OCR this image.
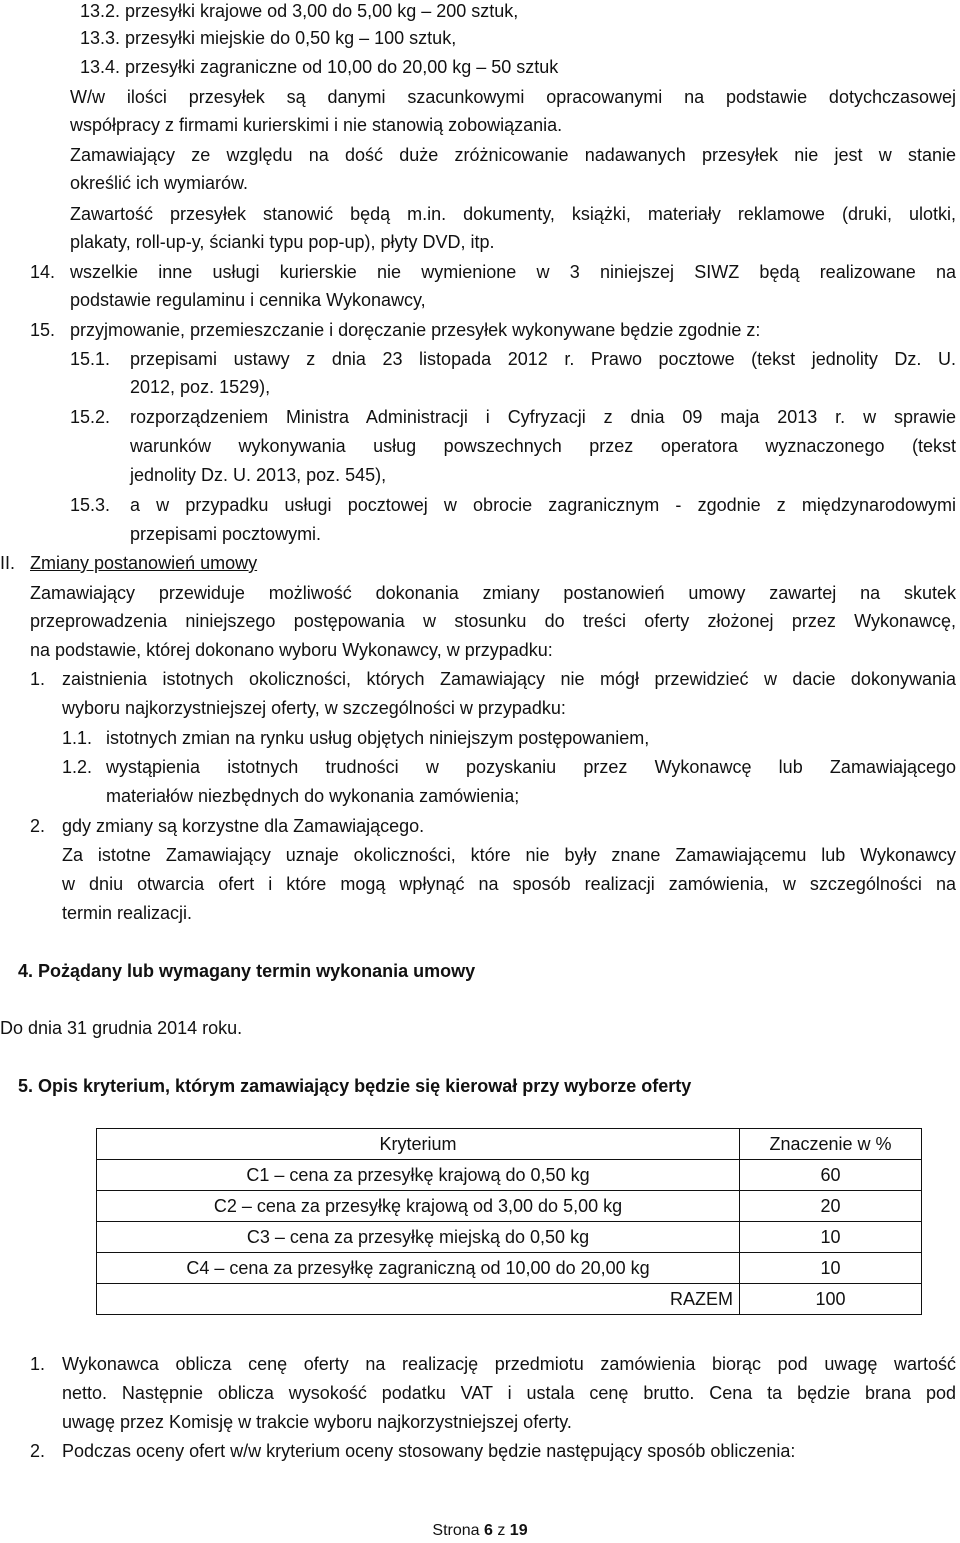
13.2. przesyłki krajowe od 3,00 do 5,00 kg – 200 sztuk,
13.3. przesyłki miejskie do 0,50 kg – 100 sztuk,
13.4. przesyłki zagraniczne od 10,00 do 20,00 kg – 50 sztuk
W/w ilości przesyłek są danymi szacunkowymi opracowanymi na podstawie dotychczasowej
współpracy z firmami kurierskimi i nie stanowią zobowiązania.
Zamawiający ze względu na dość duże zróżnicowanie nadawanych przesyłek nie jest w stanie
określić ich wymiarów.
Zawartość przesyłek stanowić będą m.in. dokumenty, książki, materiały reklamowe (druki, ulotki,
plakaty, roll-up-y, ścianki typu pop-up), płyty DVD, itp.
14. wszelkie inne usługi kurierskie nie wymienione w 3 niniejszej SIWZ będą realizowane na
podstawie regulaminu i cennika Wykonawcy,
15. przyjmowanie, przemieszczanie i doręczanie przesyłek wykonywane będzie zgodnie z:
15.1. przepisami ustawy z dnia 23 listopada 2012 r. Prawo pocztowe (tekst jednolity Dz. U.
2012, poz. 1529),
15.2. rozporządzeniem Ministra Administracji i Cyfryzacji z dnia 09 maja 2013 r. w sprawie
warunków wykonywania usług powszechnych przez operatora wyznaczonego (tekst
jednolity Dz. U. 2013, poz. 545),
15.3. a w przypadku usługi pocztowej w obrocie zagranicznym - zgodnie z międzynarodowymi
przepisami pocztowymi.
II. Zmiany postanowień umowy
Zamawiający przewiduje możliwość dokonania zmiany postanowień umowy zawartej na skutek
przeprowadzenia niniejszego postępowania w stosunku do treści oferty złożonej przez Wykonawcę,
na podstawie, której dokonano wyboru Wykonawcy, w przypadku:
1. zaistnienia istotnych okoliczności, których Zamawiający nie mógł przewidzieć w dacie dokonywania
wyboru najkorzystniejszej oferty, w szczególności w przypadku:
1.1. istotnych zmian na rynku usług objętych niniejszym postępowaniem,
1.2. wystąpienia istotnych trudności w pozyskaniu przez Wykonawcę lub Zamawiającego
materiałów niezbędnych do wykonania zamówienia;
2. gdy zmiany są korzystne dla Zamawiającego.
Za istotne Zamawiający uznaje okoliczności, które nie były znane Zamawiającemu lub Wykonawcy
w dniu otwarcia ofert i które mogą wpłynąć na sposób realizacji zamówienia, w szczególności na
termin realizacji.
4. Pożądany lub wymagany termin wykonania umowy
Do dnia 31 grudnia 2014 roku.
5. Opis kryterium, którym zamawiający będzie się kierował przy wyborze oferty
Kryterium	Znaczenie w %
C1 – cena za przesyłkę krajową do 0,50 kg	60
C2 – cena za przesyłkę krajową od 3,00 do 5,00 kg	20
C3 – cena za przesyłkę miejską do 0,50 kg	10
C4 – cena za przesyłkę zagraniczną od 10,00 do 20,00 kg	10
RAZEM	100
1. Wykonawca oblicza cenę oferty na realizację przedmiotu zamówienia biorąc pod uwagę wartość
netto. Następnie oblicza wysokość podatku VAT i ustala cenę brutto. Cena ta będzie brana pod
uwagę przez Komisję w trakcie wyboru najkorzystniejszej oferty.
2. Podczas oceny ofert w/w kryterium oceny stosowany będzie następujący sposób obliczenia:
Strona 6 z 19
